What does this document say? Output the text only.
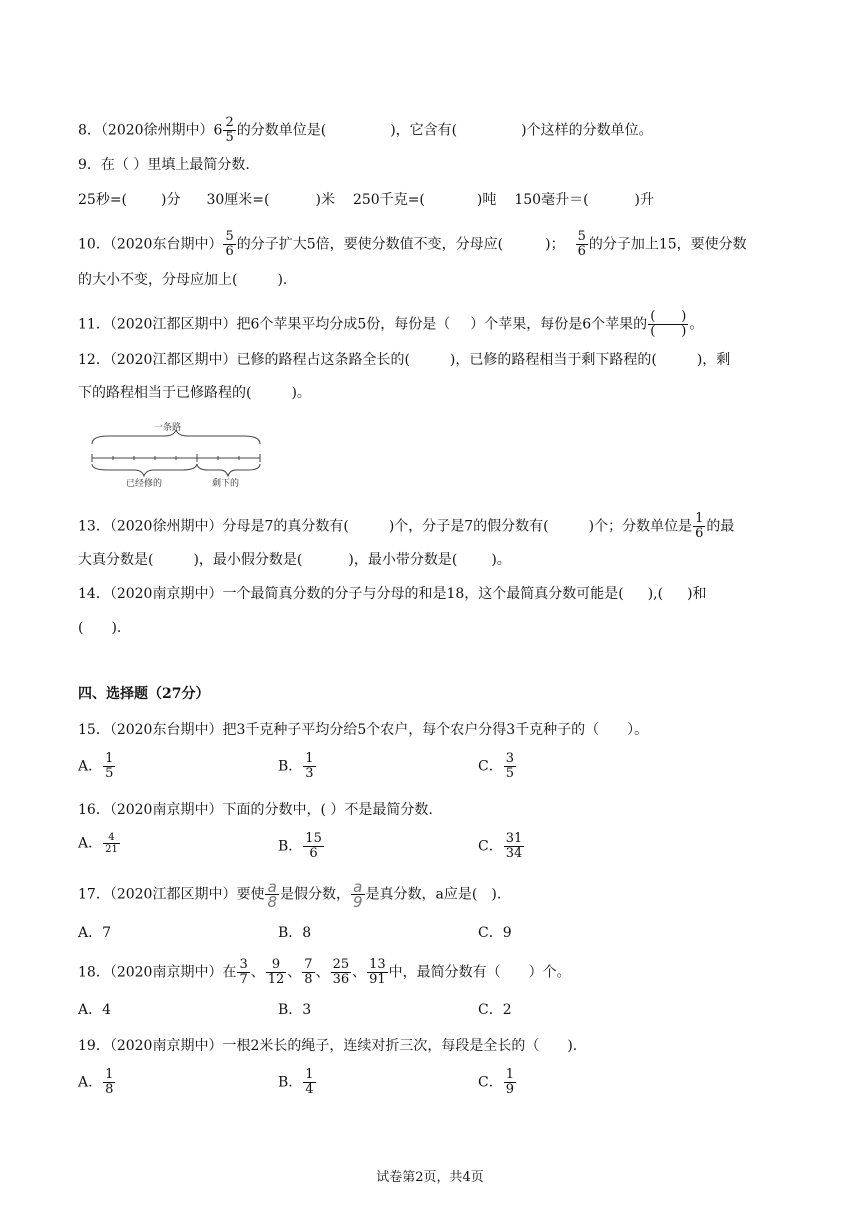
8．（2020徐州期中）$6 \frac{2}{5}$ 的分数单位是(	)，它含有(	)个这样的分数单位。
9．在（ ）里填上最简分数.
25秒=( )分 30厘米=(	)米 250千克=(	)吨 150毫升＝(	)升
10．（2020东台期中） $\frac{5}{6}$ 的分子扩大5倍，要使分数值不变，分母应(	)； $\frac{5}{6}$ 的分子加上15，要使分数
的大小不变，分母应加上(	).
11．（2020江都区期中）把6个苹果平均分成5份，每份是（ ）个苹果，每份是6个苹果的 $\frac{( )}{( )}$ 。
12．（2020江都区期中）已修的路程占这条路全长的(	)，已修的路程相当于剩下路程的(	)，剩
下的路程相当于已修路程的(	)。
一条路
已经修的	剩下的
13．（2020徐州期中）分母是7的真分数有(	)个，分子是7的假分数有(	)个；分数单位是 $\frac{1}{6}$ 的最
大真分数是(	)，最小假分数是(	)，最小带分数是( )。
14．（2020南京期中）一个最简真分数的分子与分母的和是18，这个最简真分数可能是( ),( )和
( ).
四、选择题（27分）
15．（2020东台期中）把3千克种子平均分给5个农户，每个农户分得3千克种子的（　　）。
A． $\frac{1}{5}$	B． $\frac{1}{3}$	C． $\frac{3}{5}$
16．（2020南京期中）下面的分数中，( ）不是最简分数.
A． $\frac{4}{21}$	B． $\frac{15}{6}$	C． $\frac{31}{34}$
17．（2020江都区期中）要使 $\frac{a}{8}$ 是假分数， $\frac{a}{9}$ 是真分数，a应是(　).
A．7	B．8	C．9
18．（2020南京期中）在 $\frac{3}{7}$ 、 $\frac{9}{12}$ 、 $\frac{7}{8}$ 、 $\frac{25}{36}$ 、 $\frac{13}{91}$ 中，最简分数有（　　）个。
A．4	B．3	C．2
19．（2020南京期中）一根2米长的绳子，连续对折三次，每段是全长的（　　).
A． $\frac{1}{8}$	B． $\frac{1}{4}$	C． $\frac{1}{9}$
试卷第2页，共4页
